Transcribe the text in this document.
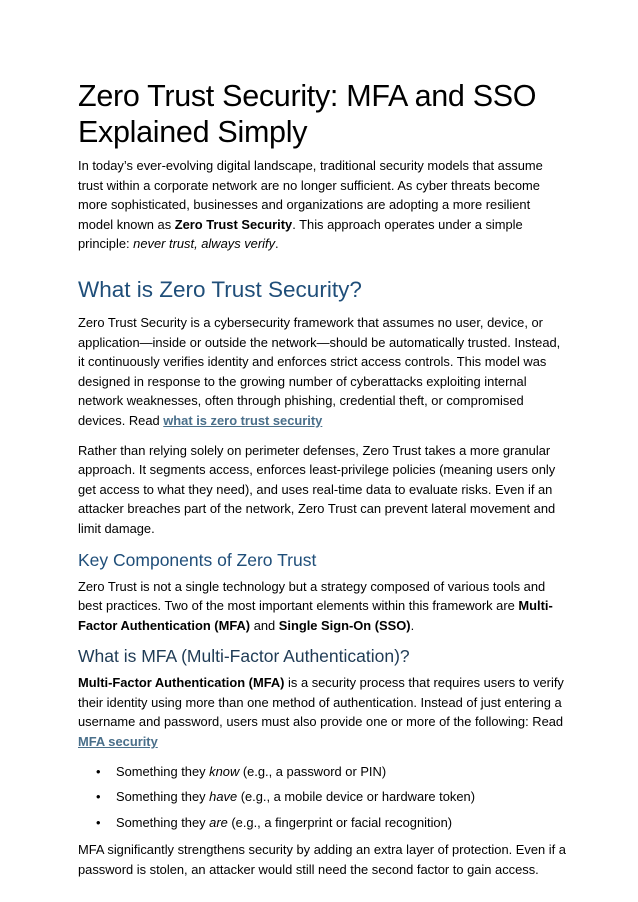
Zero Trust Security: MFA and SSO Explained Simply

In today’s ever-evolving digital landscape, traditional security models that assume trust within a corporate network are no longer sufficient. As cyber threats become more sophisticated, businesses and organizations are adopting a more resilient model known as Zero Trust Security. This approach operates under a simple principle: never trust, always verify.

What is Zero Trust Security?

Zero Trust Security is a cybersecurity framework that assumes no user, device, or application—inside or outside the network—should be automatically trusted. Instead, it continuously verifies identity and enforces strict access controls. This model was designed in response to the growing number of cyberattacks exploiting internal network weaknesses, often through phishing, credential theft, or compromised devices. Read what is zero trust security

Rather than relying solely on perimeter defenses, Zero Trust takes a more granular approach. It segments access, enforces least-privilege policies (meaning users only get access to what they need), and uses real-time data to evaluate risks. Even if an attacker breaches part of the network, Zero Trust can prevent lateral movement and limit damage.

Key Components of Zero Trust

Zero Trust is not a single technology but a strategy composed of various tools and best practices. Two of the most important elements within this framework are Multi-Factor Authentication (MFA) and Single Sign-On (SSO).

What is MFA (Multi-Factor Authentication)?

Multi-Factor Authentication (MFA) is a security process that requires users to verify their identity using more than one method of authentication. Instead of just entering a username and password, users must also provide one or more of the following: Read MFA security

• Something they know (e.g., a password or PIN)
• Something they have (e.g., a mobile device or hardware token)
• Something they are (e.g., a fingerprint or facial recognition)

MFA significantly strengthens security by adding an extra layer of protection. Even if a password is stolen, an attacker would still need the second factor to gain access.
